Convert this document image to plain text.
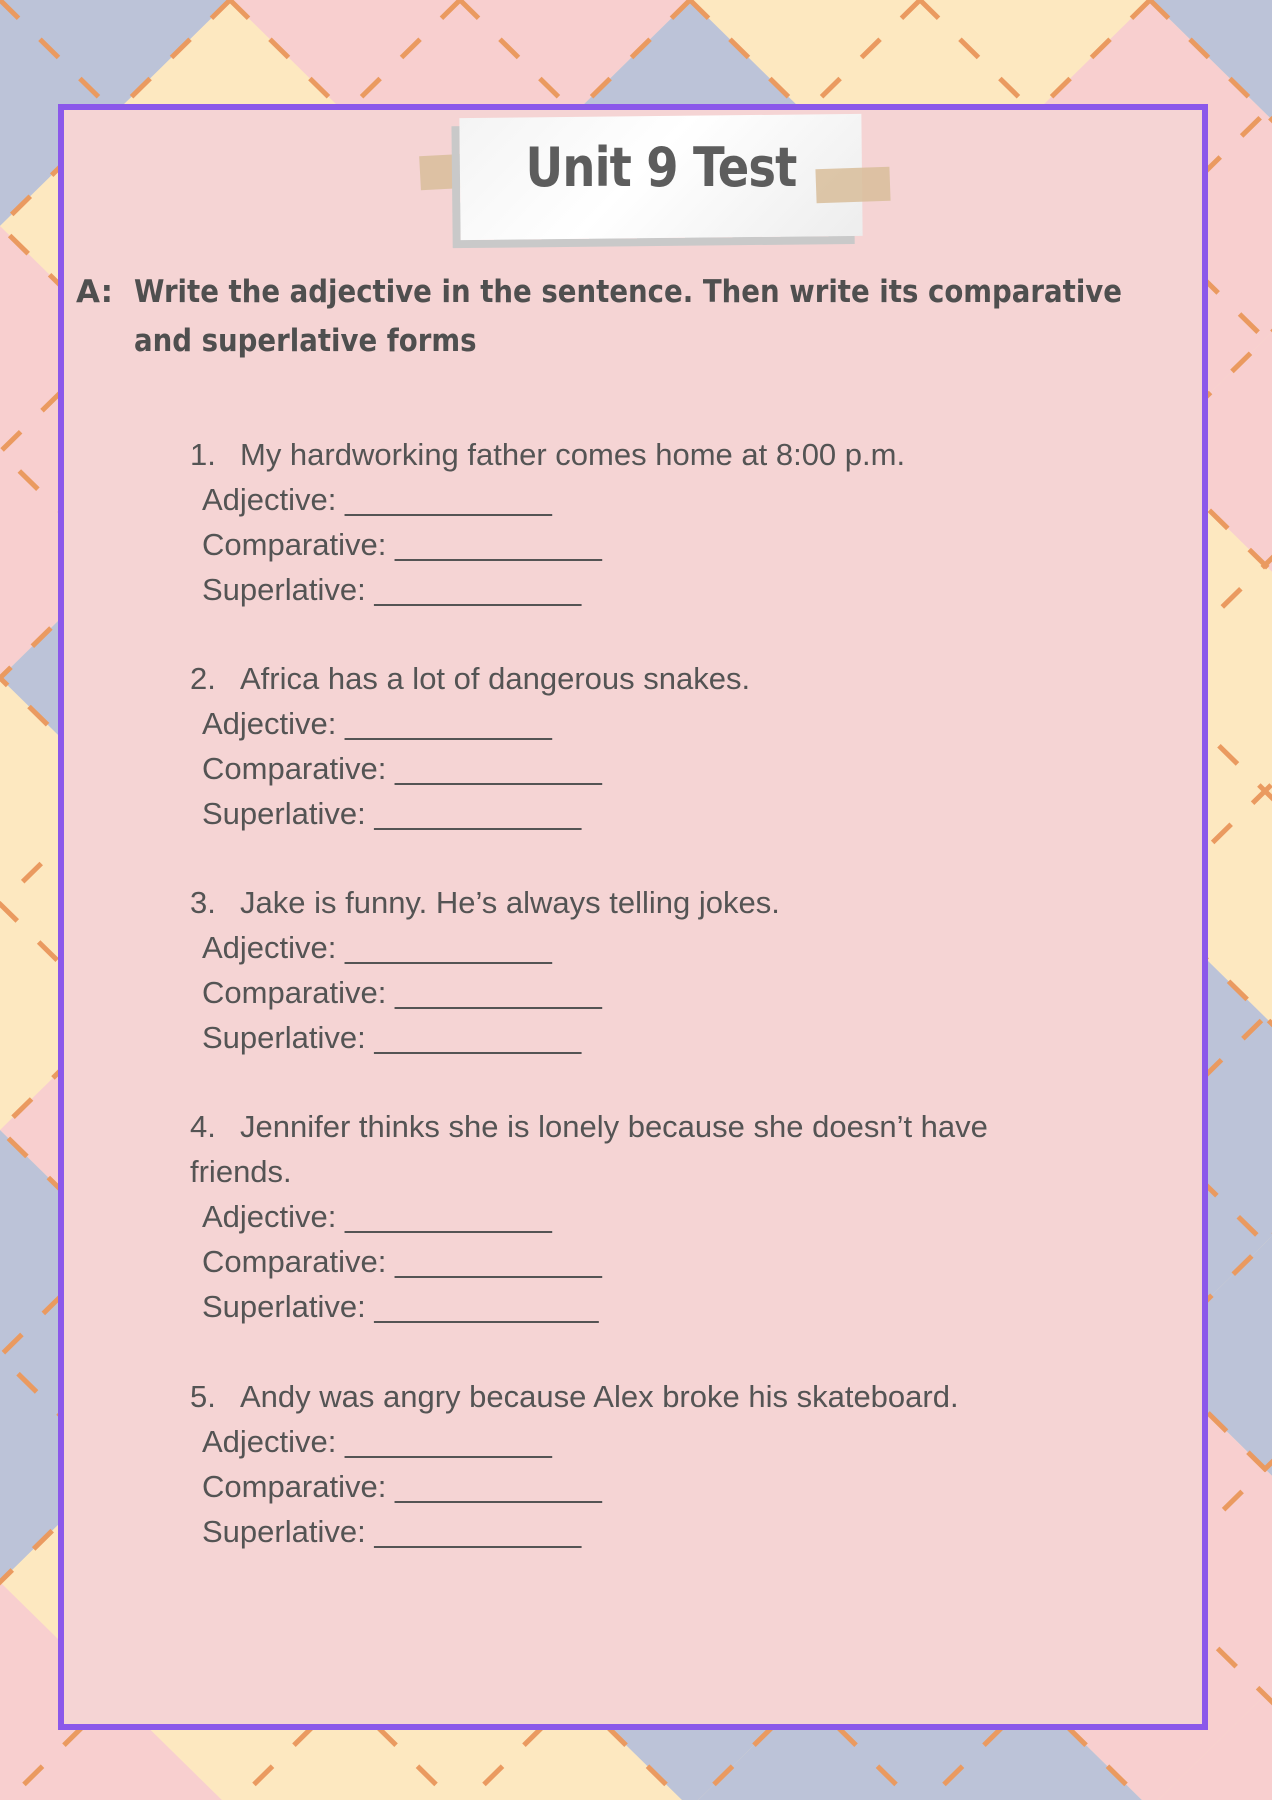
Unit 9 Test
A: Write the adjective in the sentence. Then write its comparative and superlative forms
1. My hardworking father comes home at 8:00 p.m.
Adjective: ____________
Comparative: ____________
Superlative: ____________
2. Africa has a lot of dangerous snakes.
Adjective: ____________
Comparative: ____________
Superlative: ____________
3. Jake is funny. He’s always telling jokes.
Adjective: ____________
Comparative: ____________
Superlative: ____________
4. Jennifer thinks she is lonely because she doesn’t have
friends.
Adjective: ____________
Comparative: ____________
Superlative: _____________
5. Andy was angry because Alex broke his skateboard.
Adjective: ____________
Comparative: ____________
Superlative: ____________
